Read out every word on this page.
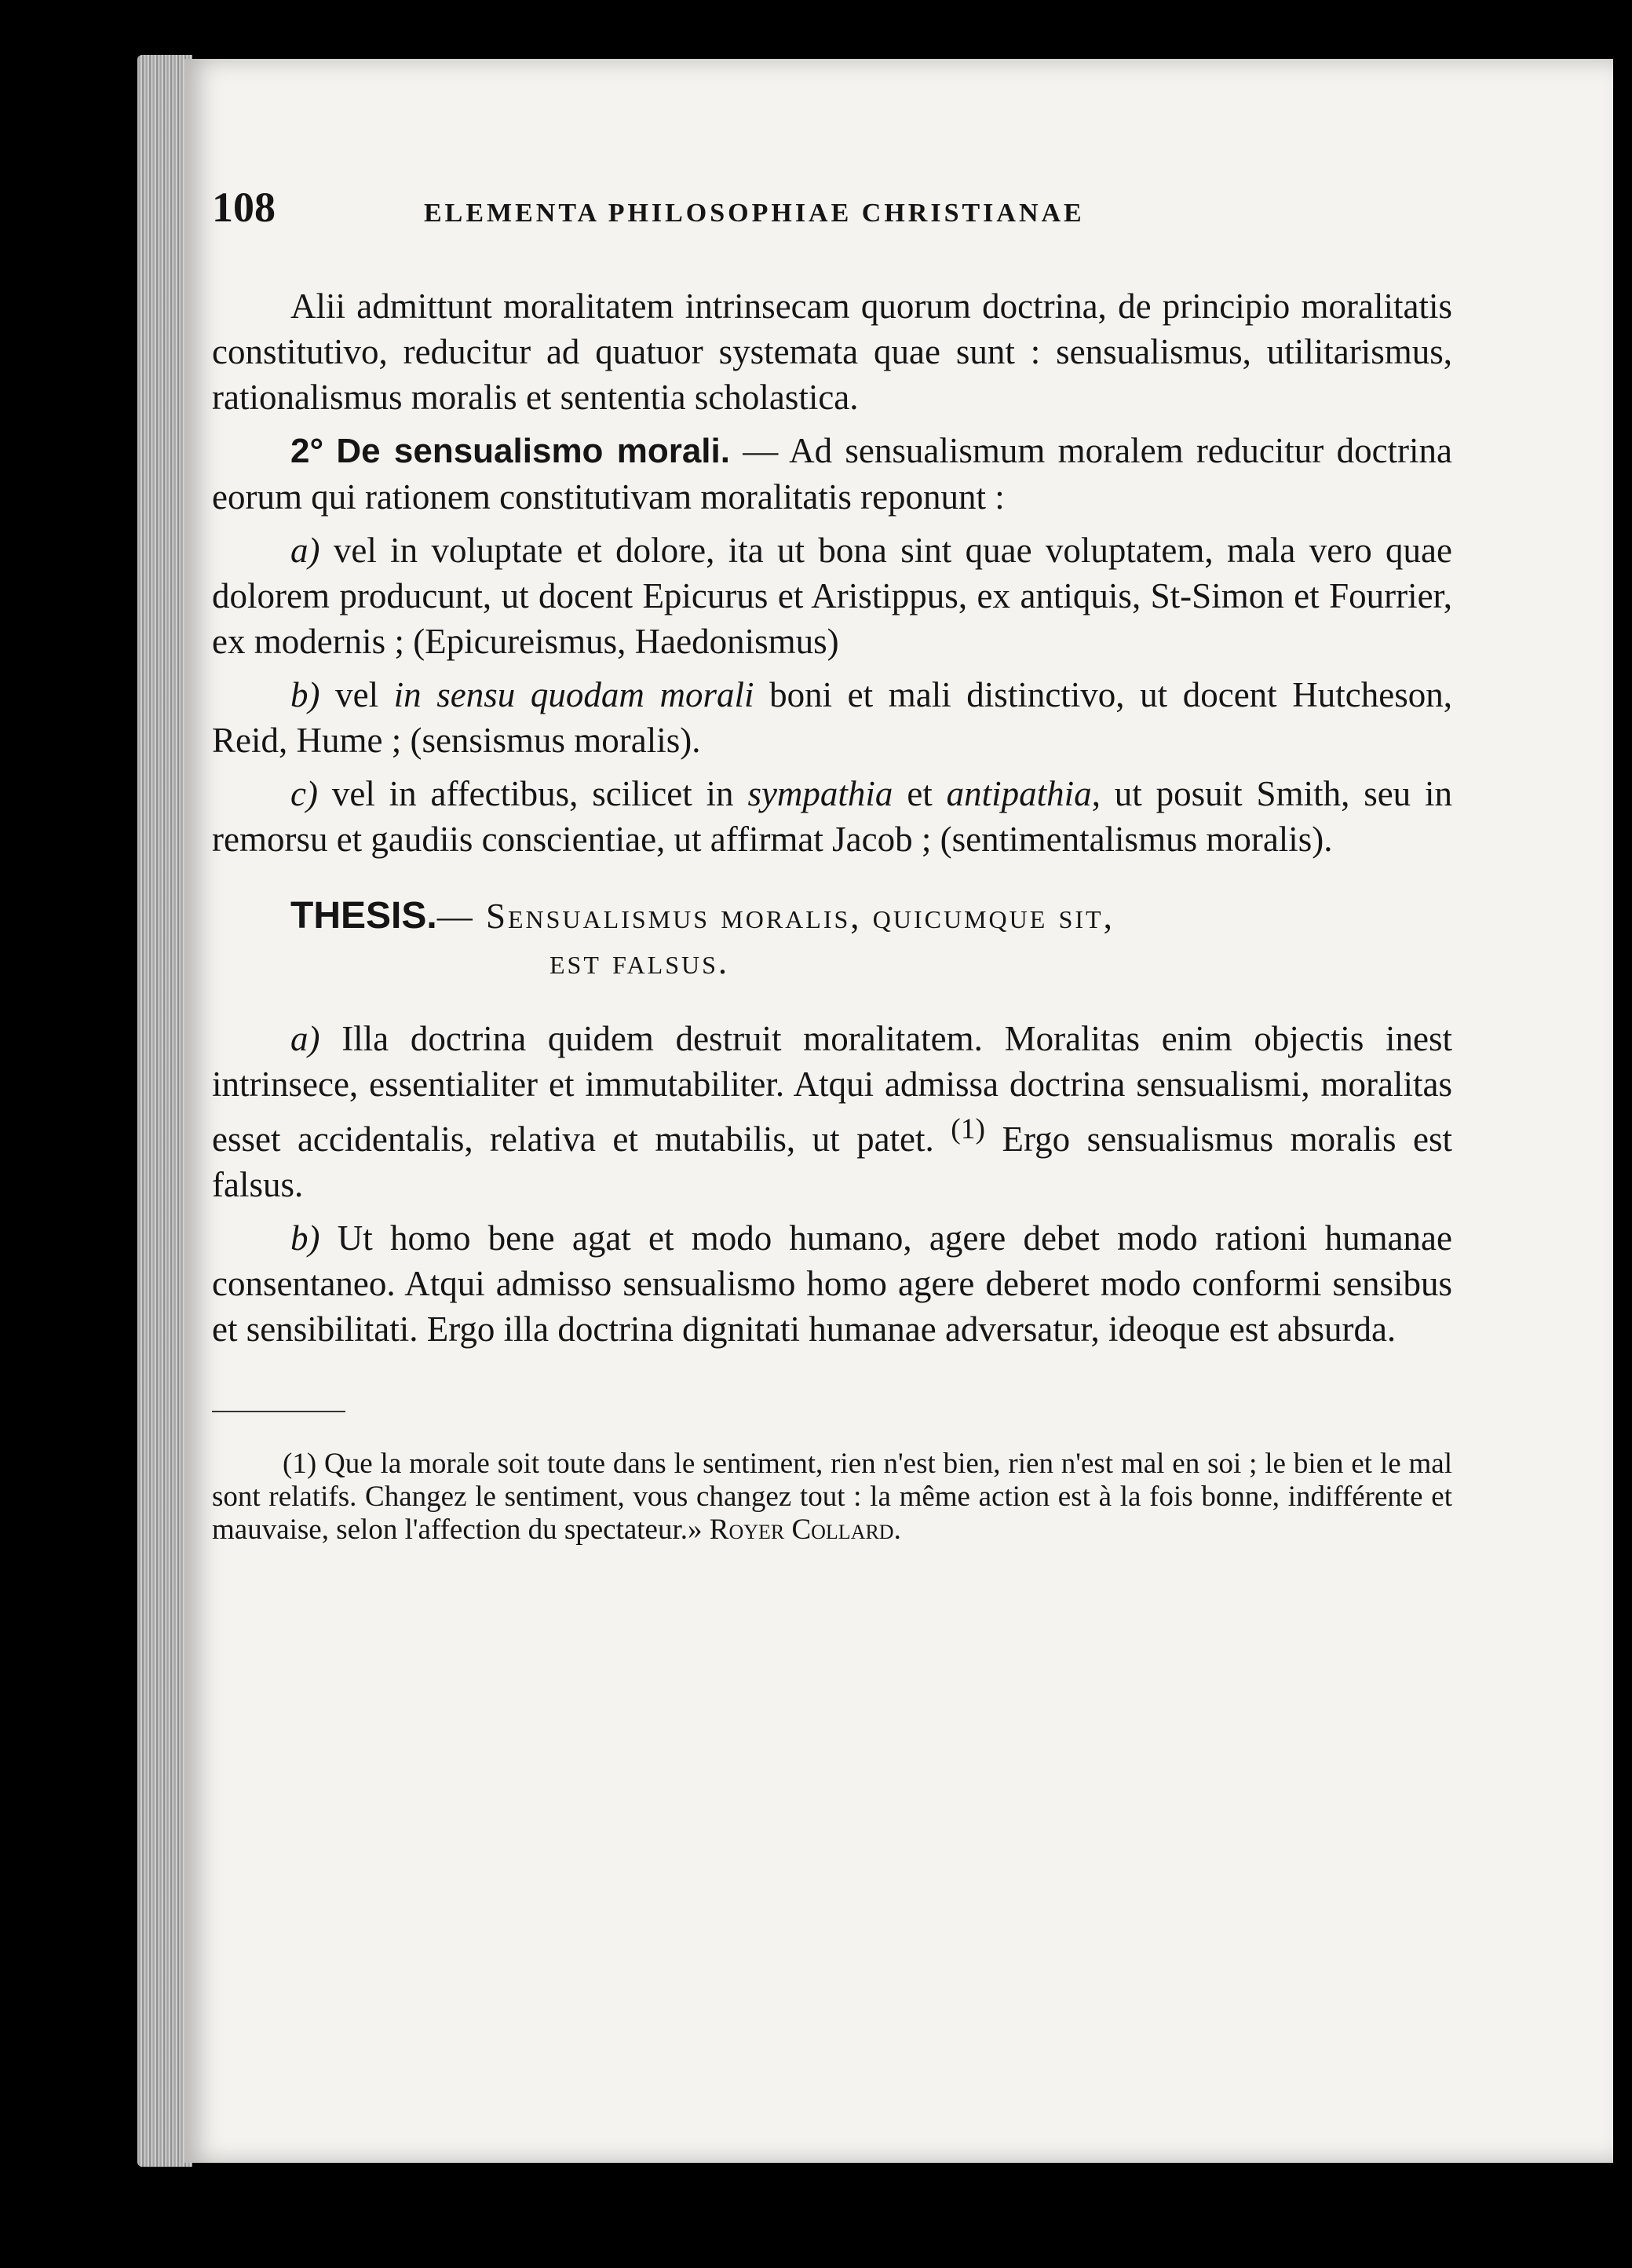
108	ELEMENTA PHILOSOPHIAE CHRISTIANAE

Alii admittunt moralitatem intrinsecam quorum doctrina, de principio moralitatis constitutivo, reducitur ad quatuor systemata quae sunt : sensualismus, utilitarismus, rationalismus moralis et sententia scholastica.

2° De sensualismo morali. — Ad sensualismum moralem reducitur doctrina eorum qui rationem constitutivam moralitatis reponunt :

a) vel in voluptate et dolore, ita ut bona sint quae voluptatem, mala vero quae dolorem producunt, ut docent Epicurus et Aristippus, ex antiquis, St-Simon et Fourrier, ex modernis ; (Epicureismus, Haedonismus)

b) vel in sensu quodam morali boni et mali distinctivo, ut docent Hutcheson, Reid, Hume ; (sensismus moralis).

c) vel in affectibus, scilicet in sympathia et antipathia, ut posuit Smith, seu in remorsu et gaudiis conscientiae, ut affirmat Jacob ; (sentimentalismus moralis).

THESIS.— Sensualismus moralis, quicumque sit,
est falsus.

a) Illa doctrina quidem destruit moralitatem. Moralitas enim objectis inest intrinsece, essentialiter et immutabiliter. Atqui admissa doctrina sensualismi, moralitas esset accidentalis, relativa et mutabilis, ut patet. $^{(1)}$ Ergo sensualismus moralis est falsus.

b) Ut homo bene agat et modo humano, agere debet modo rationi humanae consentaneo. Atqui admisso sensualismo homo agere deberet modo conformi sensibus et sensibilitati. Ergo illa doctrina dignitati humanae adversatur, ideoque est absurda.

(1) Que la morale soit toute dans le sentiment, rien n'est bien, rien n'est mal en soi ; le bien et le mal sont relatifs. Changez le sentiment, vous changez tout : la même action est à la fois bonne, indifférente et mauvaise, selon l'affection du spectateur.» Royer Collard.
